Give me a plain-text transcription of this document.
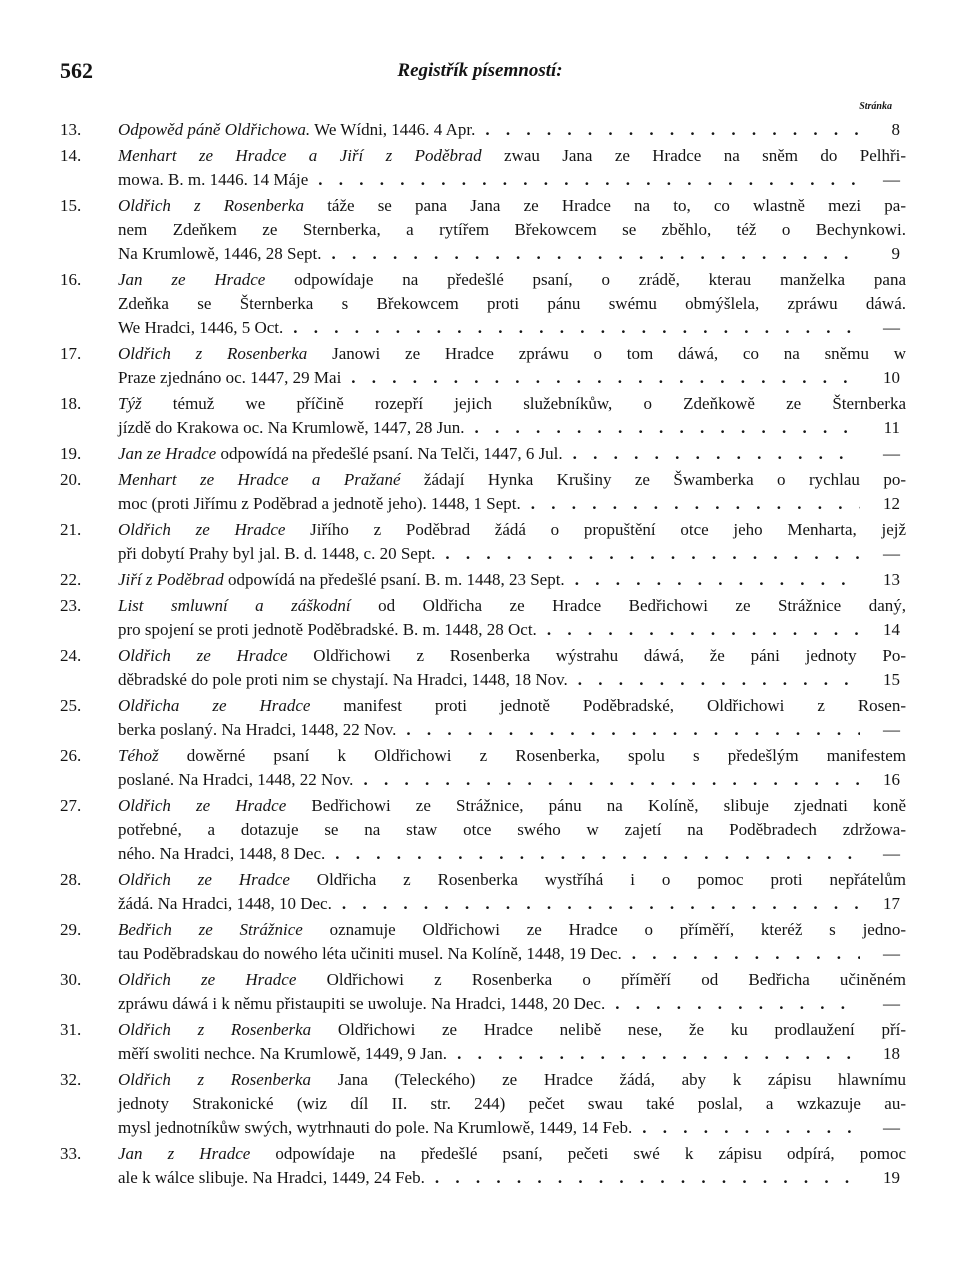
562	Registřík písemností:
Stránka
13.	Odpowěd páně Oldřichowa. We Wídni, 1446. 4 Apr. . . .	8
14.	Menhart ze Hradce a Jiří z Poděbrad zwau Jana ze Hradce na sněm do Pelhři-
mowa. B. m. 1446. 14 Máje . . .	—
15.	Oldřich z Rosenberka táže se pana Jana ze Hradce na to, co wlastně mezi pa-
nem Zdeňkem ze Sternberka, a rytířem Břekowcem se zběhlo, též o Bechynkowi.
Na Krumlowě, 1446, 28 Sept. . . .	9
16.	Jan ze Hradce odpowídaje na předešlé psaní, o zrádě, kterau manželka pana
Zdeňka se Šternberka s Břekowcem proti pánu swému obmýšlela, zpráwu dáwá.
We Hradci, 1446, 5 Oct. . . .	—
17.	Oldřich z Rosenberka Janowi ze Hradce zpráwu o tom dáwá, co na sněmu w
Praze zjednáno oc. 1447, 29 Mai . . .	10
18.	Týž témuž we příčině rozepří jejich služebníkůw, o Zdeňkowě ze Šternberka
jízdě do Krakowa oc. Na Krumlowě, 1447, 28 Jun. . . .	11
19.	Jan ze Hradce odpowídá na předešlé psaní. Na Telči, 1447, 6 Jul. . . .	—
20.	Menhart ze Hradce a Pražané žádají Hynka Krušiny ze Šwamberka o rychlau po-
moc (proti Jiřímu z Poděbrad a jednotě jeho). 1448, 1 Sept. . . .	12
21.	Oldřich ze Hradce Jiřího z Poděbrad žádá o propuštění otce jeho Menharta, jejž
při dobytí Prahy byl jal. B. d. 1448, c. 20 Sept. . . .	—
22.	Jiří z Poděbrad odpowídá na předešlé psaní. B. m. 1448, 23 Sept. . . .	13
23.	List smluwní a záškodní od Oldřicha ze Hradce Bedřichowi ze Strážnice daný,
pro spojení se proti jednotě Poděbradské. B. m. 1448, 28 Oct. . . .	14
24.	Oldřich ze Hradce Oldřichowi z Rosenberka wýstrahu dáwá, že páni jednoty Po-
děbradské do pole proti nim se chystají. Na Hradci, 1448, 18 Nov. . . .	15
25.	Oldřicha ze Hradce manifest proti jednotě Poděbradské, Oldřichowi z Rosen-
berka poslaný. Na Hradci, 1448, 22 Nov. . . .	—
26.	Téhož dowěrné psaní k Oldřichowi z Rosenberka, spolu s předešlým manifestem
poslané. Na Hradci, 1448, 22 Nov. . . .	16
27.	Oldřich ze Hradce Bedřichowi ze Strážnice, pánu na Kolíně, slibuje zjednati koně
potřebné, a dotazuje se na staw otce swého w zajetí na Poděbradech zdržowa-
ného. Na Hradci, 1448, 8 Dec. . . .	—
28.	Oldřich ze Hradce Oldřicha z Rosenberka wystříhá i o pomoc proti nepřátelům
žádá. Na Hradci, 1448, 10 Dec. . . .	17
29.	Bedřich ze Strážnice oznamuje Oldřichowi ze Hradce o příměří, kteréž s jedno-
tau Poděbradskau do nowého léta učiniti musel. Na Kolíně, 1448, 19 Dec. . . .	—
30.	Oldřich ze Hradce Oldřichowi z Rosenberka o příměří od Bedřicha učiněném
zpráwu dáwá i k němu přistaupiti se uwoluje. Na Hradci, 1448, 20 Dec. . . .	—
31.	Oldřich z Rosenberka Oldřichowi ze Hradce nelibě nese, že ku prodlaužení pří-
měří swoliti nechce. Na Krumlowě, 1449, 9 Jan. . . .	18
32.	Oldřich z Rosenberka Jana (Teleckého) ze Hradce žádá, aby k zápisu hlawnímu
jednoty Strakonické (wiz díl II. str. 244) pečet swau také poslal, a wzkazuje au-
mysl jednotníkůw swých, wytrhnauti do pole. Na Krumlowě, 1449, 14 Feb. . . .	—
33.	Jan z Hradce odpowídaje na předešlé psaní, pečeti swé k zápisu odpírá, pomoc
ale k wálce slibuje. Na Hradci, 1449, 24 Feb. . . .	19
